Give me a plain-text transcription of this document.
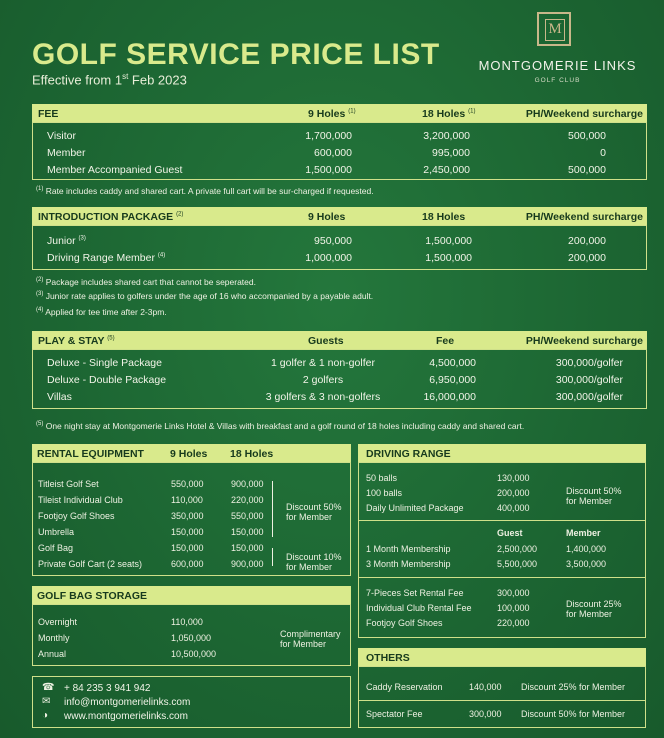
GOLF SERVICE PRICE LIST
Effective from 1st Feb 2023
M
MONTGOMERIE LINKS
GOLF CLUB
FEE	9 Holes $^{(1)}$	18 Holes $^{(1)}$	PH/Weekend surcharge
Visitor	1,700,000	3,200,000	500,000
Member	600,000	995,000	0
Member Accompanied Guest	1,500,000	2,450,000	500,000
$^{(1)}$ Rate includes caddy and shared cart. A private full cart will be sur-charged if requested.
INTRODUCTION PACKAGE $^{(2)}$	9 Holes	18 Holes	PH/Weekend surcharge
Junior $^{(3)}$	950,000	1,500,000	200,000
Driving Range Member $^{(4)}$	1,000,000	1,500,000	200,000
$^{(2)}$ Package includes shared cart that cannot be seperated.
$^{(3)}$ Junior rate applies to golfers under the age of 16 who accompanied by a payable adult.
$^{(4)}$ Applied for tee time after 2-3pm.
PLAY & STAY $^{(5)}$	Guests	Fee	PH/Weekend surcharge
Deluxe - Single Package	1 golfer & 1 non-golfer	4,500,000	300,000/golfer
Deluxe - Double Package	2 golfers	6,950,000	300,000/golfer
Villas	3 golfers & 3 non-golfers	16,000,000	300,000/golfer
$^{(5)}$ One night stay at Montgomerie Links Hotel & Villas with breakfast and a golf round of 18 holes including caddy and shared cart.
RENTAL EQUIPMENT 9 Holes 18 Holes
Titleist Golf Set	550,000	900,000
Tileist Individual Club	110,000	220,000
Footjoy Golf Shoes	350,000	550,000
Umbrella	150,000	150,000
Golf Bag	150,000	150,000
Private Golf Cart (2 seats)	600,000	900,000
Discount 50%
for Member
Discount 10%
for Member
GOLF BAG STORAGE
Overnight	110,000
Monthly	1,050,000
Annual	10,500,000
Complimentary
for Member
☎ + 84 235 3 941 942
✉ info@montgomerielinks.com
◑ www.montgomerielinks.com
DRIVING RANGE
50 balls	130,000
100 balls	200,000
Daily Unlimited Package	400,000
Discount 50%
for Member
Guest	Member
1 Month Membership	2,500,000	1,400,000
3 Month Membership	5,500,000	3,500,000
7-Pieces Set Rental Fee	300,000
Individual Club Rental Fee	100,000
Footjoy Golf Shoes	220,000
Discount 25%
for Member
OTHERS
Caddy Reservation	140,000 Discount 25% for Member
Spectator Fee	300,000 Discount 50% for Member
